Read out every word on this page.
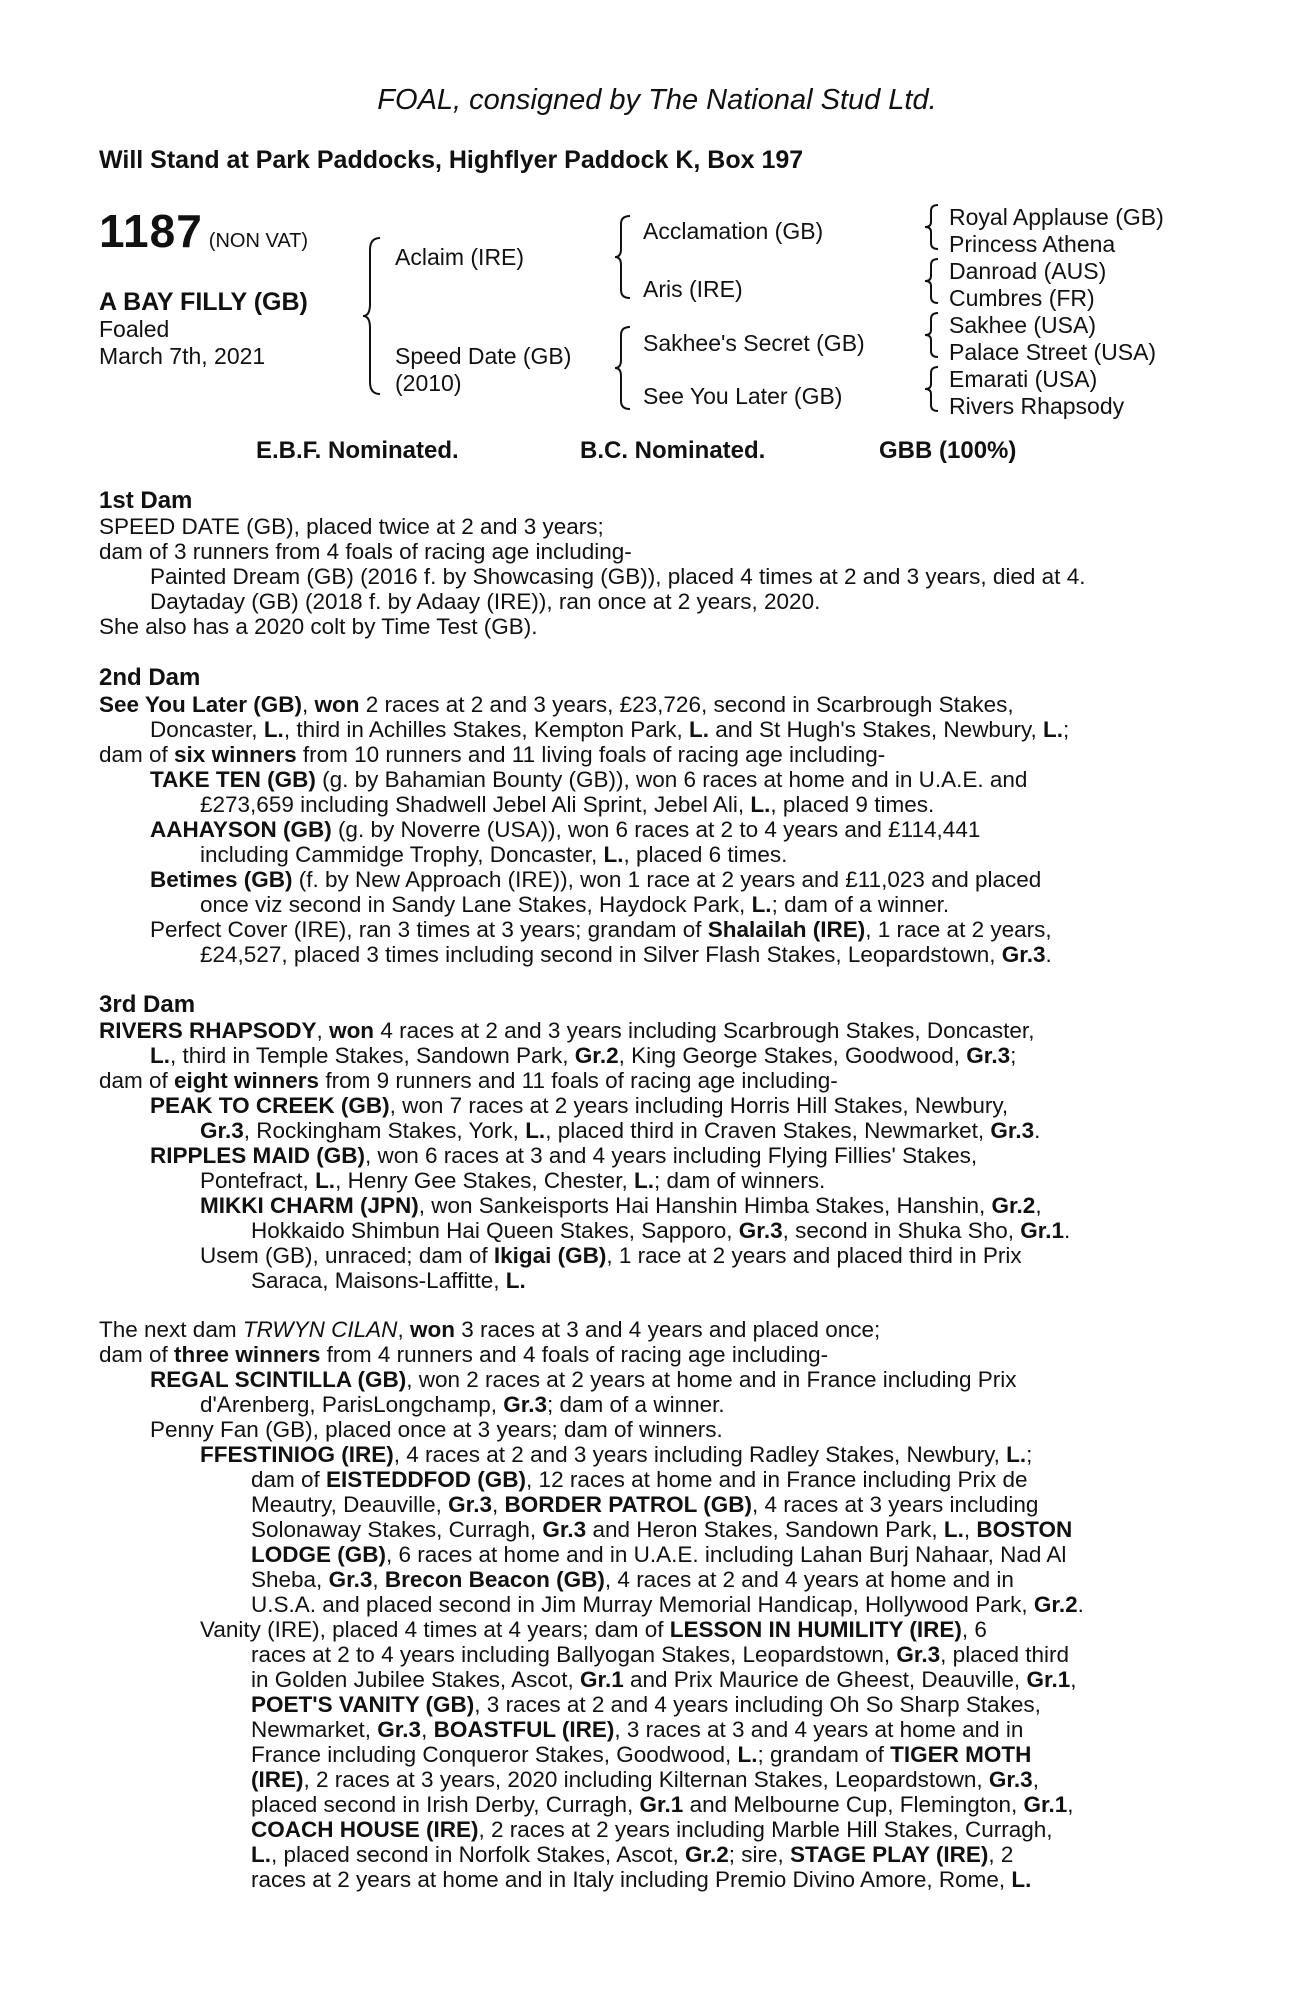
FOAL, consigned by The National Stud Ltd.
Will Stand at Park Paddocks, Highflyer Paddock K, Box 197
1187 (NON VAT)
A BAY FILLY (GB)
Foaled
March 7th, 2021
Aclaim (IRE)
Speed Date (GB)
(2010)
Acclamation (GB)
Aris (IRE)
Sakhee's Secret (GB)
See You Later (GB)
Royal Applause (GB)
Princess Athena
Danroad (AUS)
Cumbres (FR)
Sakhee (USA)
Palace Street (USA)
Emarati (USA)
Rivers Rhapsody
E.B.F. Nominated.	B.C. Nominated.	GBB (100%)
1st Dam
SPEED DATE (GB), placed twice at 2 and 3 years;
dam of 3 runners from 4 foals of racing age including-
Painted Dream (GB) (2016 f. by Showcasing (GB)), placed 4 times at 2 and 3 years, died at 4.
Daytaday (GB) (2018 f. by Adaay (IRE)), ran once at 2 years, 2020.
She also has a 2020 colt by Time Test (GB).
2nd Dam
See You Later (GB), won 2 races at 2 and 3 years, £23,726, second in Scarbrough Stakes,
Doncaster, L., third in Achilles Stakes, Kempton Park, L. and St Hugh's Stakes, Newbury, L.;
dam of six winners from 10 runners and 11 living foals of racing age including-
TAKE TEN (GB) (g. by Bahamian Bounty (GB)), won 6 races at home and in U.A.E. and
£273,659 including Shadwell Jebel Ali Sprint, Jebel Ali, L., placed 9 times.
AAHAYSON (GB) (g. by Noverre (USA)), won 6 races at 2 to 4 years and £114,441
including Cammidge Trophy, Doncaster, L., placed 6 times.
Betimes (GB) (f. by New Approach (IRE)), won 1 race at 2 years and £11,023 and placed
once viz second in Sandy Lane Stakes, Haydock Park, L.; dam of a winner.
Perfect Cover (IRE), ran 3 times at 3 years; grandam of Shalailah (IRE), 1 race at 2 years,
£24,527, placed 3 times including second in Silver Flash Stakes, Leopardstown, Gr.3.
3rd Dam
RIVERS RHAPSODY, won 4 races at 2 and 3 years including Scarbrough Stakes, Doncaster,
L., third in Temple Stakes, Sandown Park, Gr.2, King George Stakes, Goodwood, Gr.3;
dam of eight winners from 9 runners and 11 foals of racing age including-
PEAK TO CREEK (GB), won 7 races at 2 years including Horris Hill Stakes, Newbury,
Gr.3, Rockingham Stakes, York, L., placed third in Craven Stakes, Newmarket, Gr.3.
RIPPLES MAID (GB), won 6 races at 3 and 4 years including Flying Fillies' Stakes,
Pontefract, L., Henry Gee Stakes, Chester, L.; dam of winners.
MIKKI CHARM (JPN), won Sankeisports Hai Hanshin Himba Stakes, Hanshin, Gr.2,
Hokkaido Shimbun Hai Queen Stakes, Sapporo, Gr.3, second in Shuka Sho, Gr.1.
Usem (GB), unraced; dam of Ikigai (GB), 1 race at 2 years and placed third in Prix
Saraca, Maisons-Laffitte, L.
The next dam TRWYN CILAN, won 3 races at 3 and 4 years and placed once;
dam of three winners from 4 runners and 4 foals of racing age including-
REGAL SCINTILLA (GB), won 2 races at 2 years at home and in France including Prix
d'Arenberg, ParisLongchamp, Gr.3; dam of a winner.
Penny Fan (GB), placed once at 3 years; dam of winners.
FFESTINIOG (IRE), 4 races at 2 and 3 years including Radley Stakes, Newbury, L.;
dam of EISTEDDFOD (GB), 12 races at home and in France including Prix de
Meautry, Deauville, Gr.3, BORDER PATROL (GB), 4 races at 3 years including
Solonaway Stakes, Curragh, Gr.3 and Heron Stakes, Sandown Park, L., BOSTON
LODGE (GB), 6 races at home and in U.A.E. including Lahan Burj Nahaar, Nad Al
Sheba, Gr.3, Brecon Beacon (GB), 4 races at 2 and 4 years at home and in
U.S.A. and placed second in Jim Murray Memorial Handicap, Hollywood Park, Gr.2.
Vanity (IRE), placed 4 times at 4 years; dam of LESSON IN HUMILITY (IRE), 6
races at 2 to 4 years including Ballyogan Stakes, Leopardstown, Gr.3, placed third
in Golden Jubilee Stakes, Ascot, Gr.1 and Prix Maurice de Gheest, Deauville, Gr.1,
POET'S VANITY (GB), 3 races at 2 and 4 years including Oh So Sharp Stakes,
Newmarket, Gr.3, BOASTFUL (IRE), 3 races at 3 and 4 years at home and in
France including Conqueror Stakes, Goodwood, L.; grandam of TIGER MOTH
(IRE), 2 races at 3 years, 2020 including Kilternan Stakes, Leopardstown, Gr.3,
placed second in Irish Derby, Curragh, Gr.1 and Melbourne Cup, Flemington, Gr.1,
COACH HOUSE (IRE), 2 races at 2 years including Marble Hill Stakes, Curragh,
L., placed second in Norfolk Stakes, Ascot, Gr.2; sire, STAGE PLAY (IRE), 2
races at 2 years at home and in Italy including Premio Divino Amore, Rome, L.
